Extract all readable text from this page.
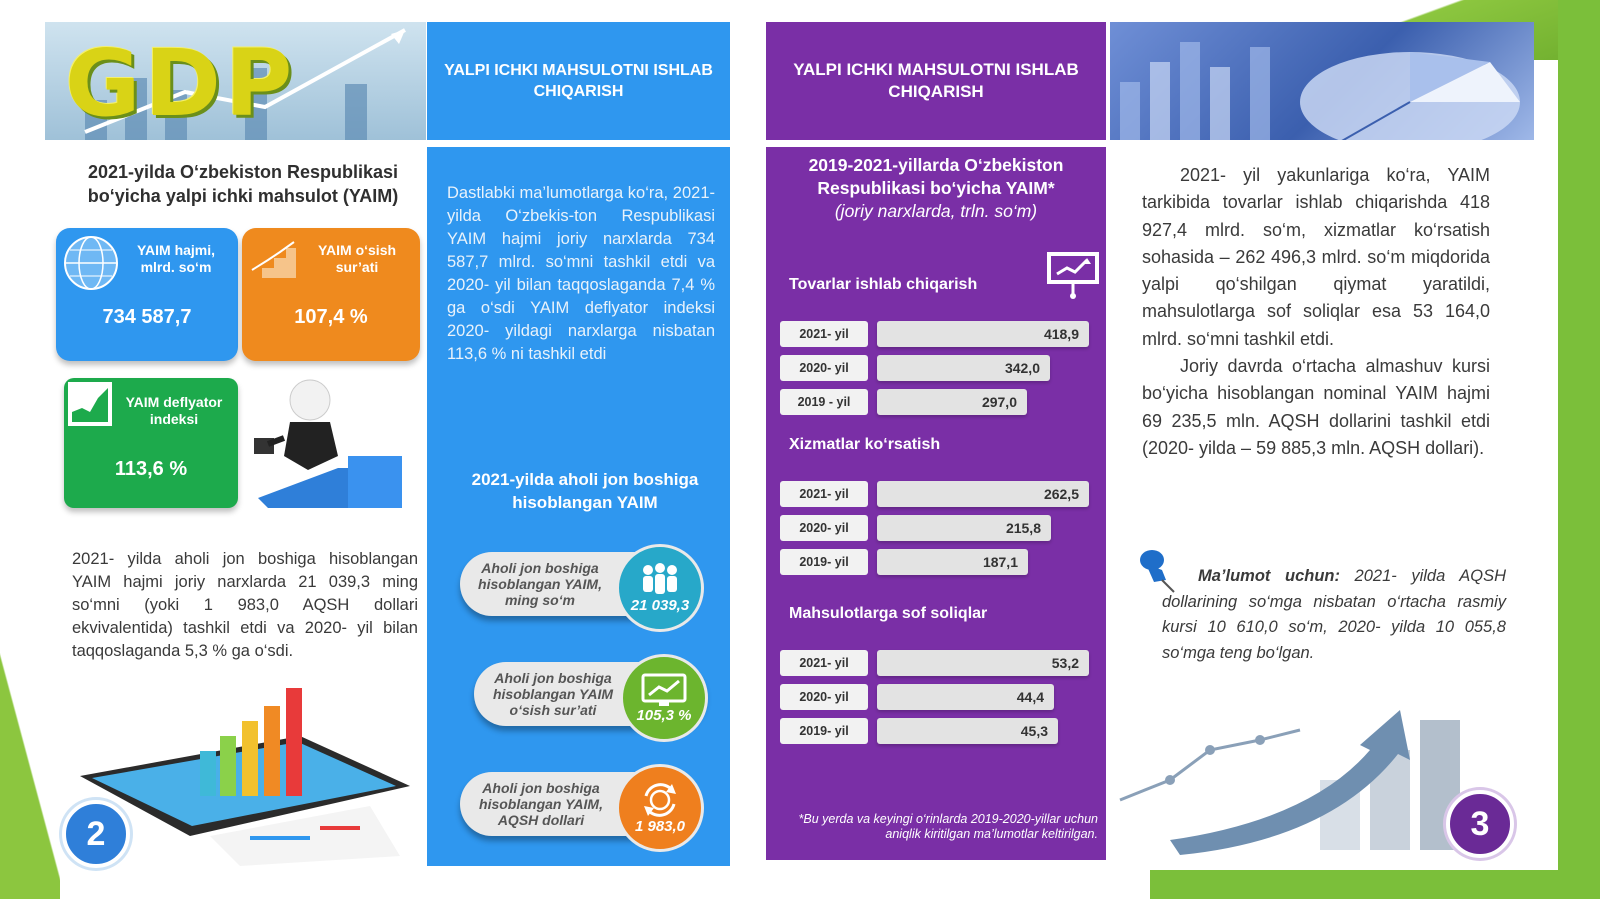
GDP
2021-yilda O‘zbekiston Respublikasi bo‘yicha yalpi ichki mahsulot (YAIM)
YAIM hajmi, mlrd. so‘m
734 587,7
YAIM o‘sish sur’ati
107,4 %
YAIM deflyator indeksi
113,6 %
2021- yilda aholi jon boshiga hisoblangan YAIM hajmi joriy narxlarda 21 039,3 ming so‘mni (yoki 1 983,0 AQSH dollari ekvivalentida) tashkil etdi va 2020- yil bilan taqqoslaganda 5,3 % ga o‘sdi.
2
YALPI ICHKI MAHSULOTNI ISHLAB CHIQARISH
Dastlabki ma’lumotlarga ko‘ra, 2021- yilda O‘zbekis-ton Respublikasi YAIM hajmi joriy narxlarda 734 587,7 mlrd. so‘mni tashkil etdi va 2020- yil bilan taqqoslaganda 7,4 % ga o‘sdi YAIM deflyator indeksi 2020- yildagi narxlarga nisbatan 113,6 % ni tashkil etdi
2021-yilda aholi jon boshiga hisoblangan YAIM
Aholi jon boshiga hisoblangan YAIM, ming so‘m	21 039,3
Aholi jon boshiga hisoblangan YAIM o‘sish sur’ati	105,3 %
Aholi jon boshiga hisoblangan YAIM, AQSH dollari	1 983,0
YALPI ICHKI MAHSULOTNI ISHLAB CHIQARISH
2019-2021-yillarda O‘zbekiston Respublikasi bo‘yicha YAIM*
(joriy narxlarda, trln. so‘m)
Tovarlar ishlab chiqarish
2021- yil	418,9
2020- yil	342,0
2019 - yil	297,0
Xizmatlar ko‘rsatish
2021- yil	262,5
2020- yil	215,8
2019- yil	187,1
Mahsulotlarga sof soliqlar
2021- yil	53,2
2020- yil	44,4
2019- yil	45,3
*Bu yerda va keyingi o‘rinlarda 2019-2020-yillar uchun aniqlik kiritilgan ma’lumotlar keltirilgan.
2021- yil yakunlariga ko‘ra, YAIM tarkibida tovarlar ishlab chiqarishda 418 927,4 mlrd. so‘m, xizmatlar ko‘rsatish sohasida – 262 496,3 mlrd. so‘m miqdorida yalpi qo‘shilgan qiymat yaratildi, mahsulotlarga sof soliqlar esa 53 164,0 mlrd. so‘mni tashkil etdi.
Joriy davrda o‘rtacha almashuv kursi bo‘yicha hisoblangan nominal YAIM hajmi 69 235,5 mln. AQSH dollarini tashkil etdi (2020- yilda – 59 885,3 mln. AQSH dollari).
Ma’lumot uchun: 2021- yilda AQSH dollarining so‘mga nisbatan o‘rtacha rasmiy kursi 10 610,0 so‘m, 2020- yilda 10 055,8 so‘mga teng bo‘lgan.
3
